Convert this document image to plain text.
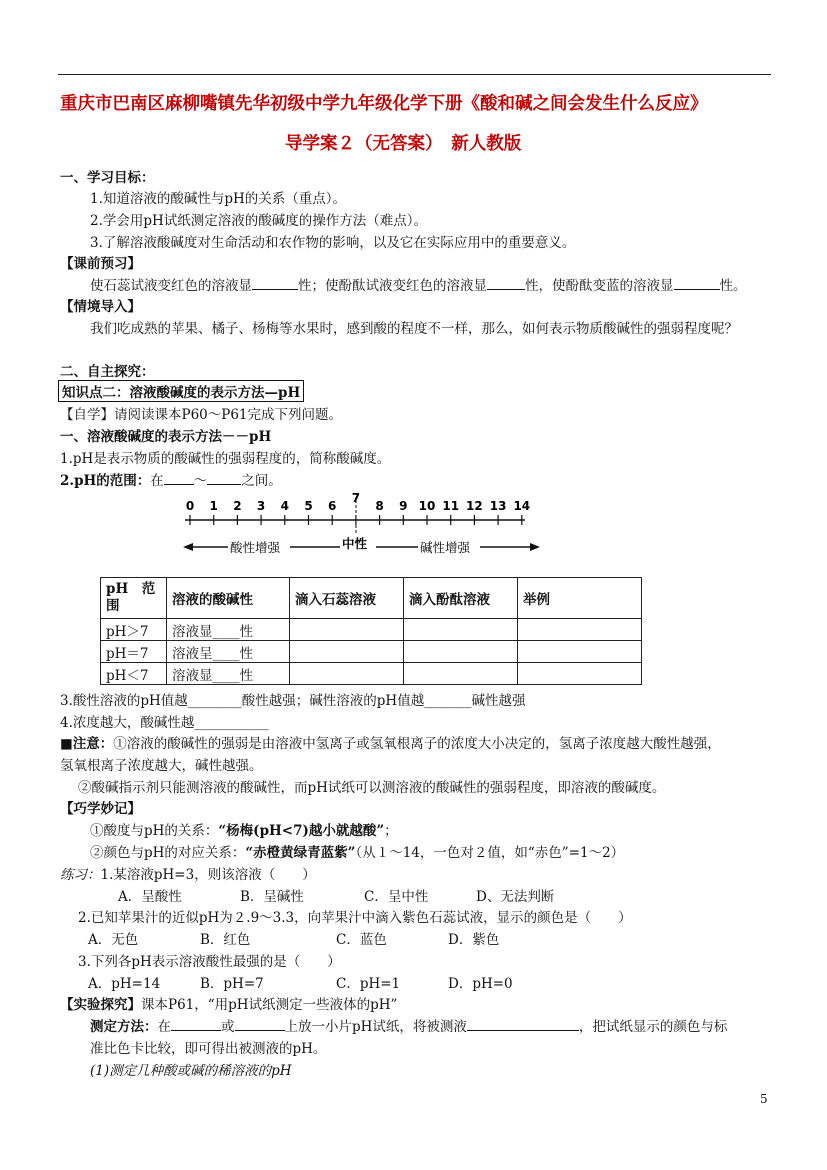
重庆市巴南区麻柳嘴镇先华初级中学九年级化学下册《酸和碱之间会发生什么反应》
导学案２（无答案）　新人教版
一、学习目标：
1.知道溶液的酸碱性与pH的关系（重点）。
2.学会用pH试纸测定溶液的酸碱度的操作方法（难点）。
3.了解溶液酸碱度对生命活动和农作物的影响，以及它在实际应用中的重要意义。
【课前预习】
使石蕊试液变红色的溶液显	性；使酚酞试液变红色的溶液显	性，使酚酞变蓝的溶液显	性。
【情境导入】
我们吃成熟的苹果、橘子、杨梅等水果时，感到酸的程度不一样，那么，如何表示物质酸碱性的强弱程度呢？
二、自主探究：
知识点二：溶液酸碱度的表示方法—pH
【自学】请阅读课本P60～P61完成下列问题。
一、溶液酸碱度的表示方法－－pH
1.pH是表示物质的酸碱性的强弱程度的，简称酸碱度。
2.pH的范围：在 ～	之间。
0 1 2 3 4 5 6
7
8 9 10 11 12 13 14
酸性增强	中性	碱性增强
pH　范围	溶液的酸碱性	滴入石蕊溶液	滴入酚酞溶液	举例
pH＞7	溶液显____性			
pH＝7	溶液呈____性			
pH＜7	溶液显____性			
3.酸性溶液的pH值越________酸性越强；碱性溶液的pH值越_______碱性越强
4.浓度越大，酸碱性越___________
■注意：①溶液的酸碱性的强弱是由溶液中氢离子或氢氧根离子的浓度大小决定的，氢离子浓度越大酸性越强，
氢氧根离子浓度越大，碱性越强。
②酸碱指示剂只能测溶液的酸碱性，而pH试纸可以测溶液的酸碱性的强弱程度，即溶液的酸碱度。
【巧学妙记】
①酸度与pH的关系：“杨梅(pH<7)越小就越酸”；
②颜色与pH的对应关系：“赤橙黄绿青蓝紫”（从１～14，一色对２值，如“赤色”=1～2）
练习：1.某溶液pH=3，则该溶液（　　）
A．呈酸性	B．呈碱性	C．呈中性	D、无法判断
2.已知苹果汁的近似pH为２.9～3.3，向苹果汁中滴入紫色石蕊试液，显示的颜色是（　　）
A．无色	B．红色	C．蓝色	D．紫色
3.下列各pH表示溶液酸性最强的是（　　）
A．pH=14	B．pH=7	C．pH=1	D．pH=0
【实验探究】课本P61，“用pH试纸测定一些液体的pH”
测定方法：在	或	上放一小片pH试纸，将被测液	，把试纸显示的颜色与标
准比色卡比较，即可得出被测液的pH。
(1)测定几种酸或碱的稀溶液的pH
5
